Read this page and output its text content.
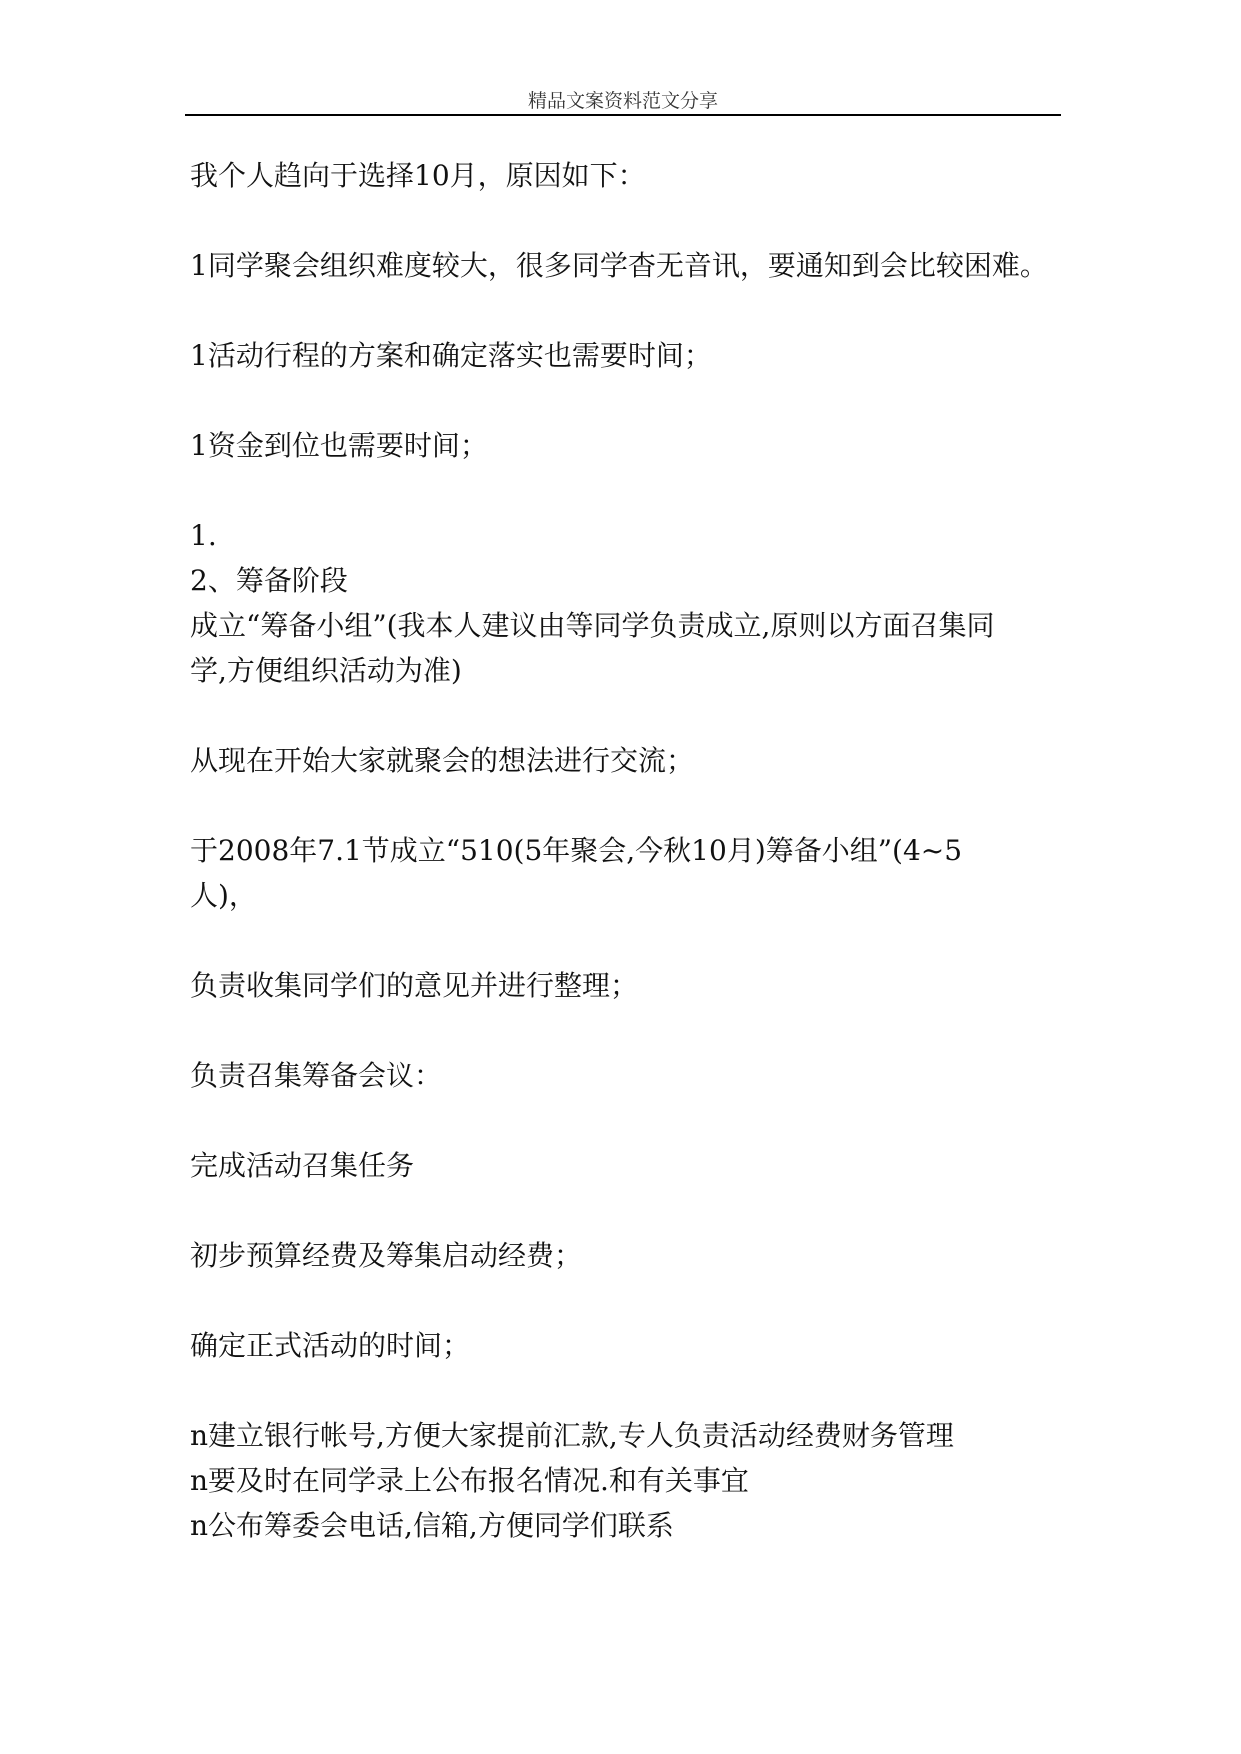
精品文案资料范文分享

我个人趋向于选择10月，原因如下：

1同学聚会组织难度较大，很多同学杳无音讯，要通知到会比较困难。

1活动行程的方案和确定落实也需要时间；

1资金到位也需要时间；

1.

2、筹备阶段

成立“筹备小组”(我本人建议由等同学负责成立,原则以方面召集同

学,方便组织活动为准)

从现在开始大家就聚会的想法进行交流；

于2008年7.1节成立“510(5年聚会,今秋10月)筹备小组”(4~5

人)，

负责收集同学们的意见并进行整理；

负责召集筹备会议：

完成活动召集任务

初步预算经费及筹集启动经费；

确定正式活动的时间；

n建立银行帐号,方便大家提前汇款,专人负责活动经费财务管理

n要及时在同学录上公布报名情况.和有关事宜

n公布筹委会电话,信箱,方便同学们联系
